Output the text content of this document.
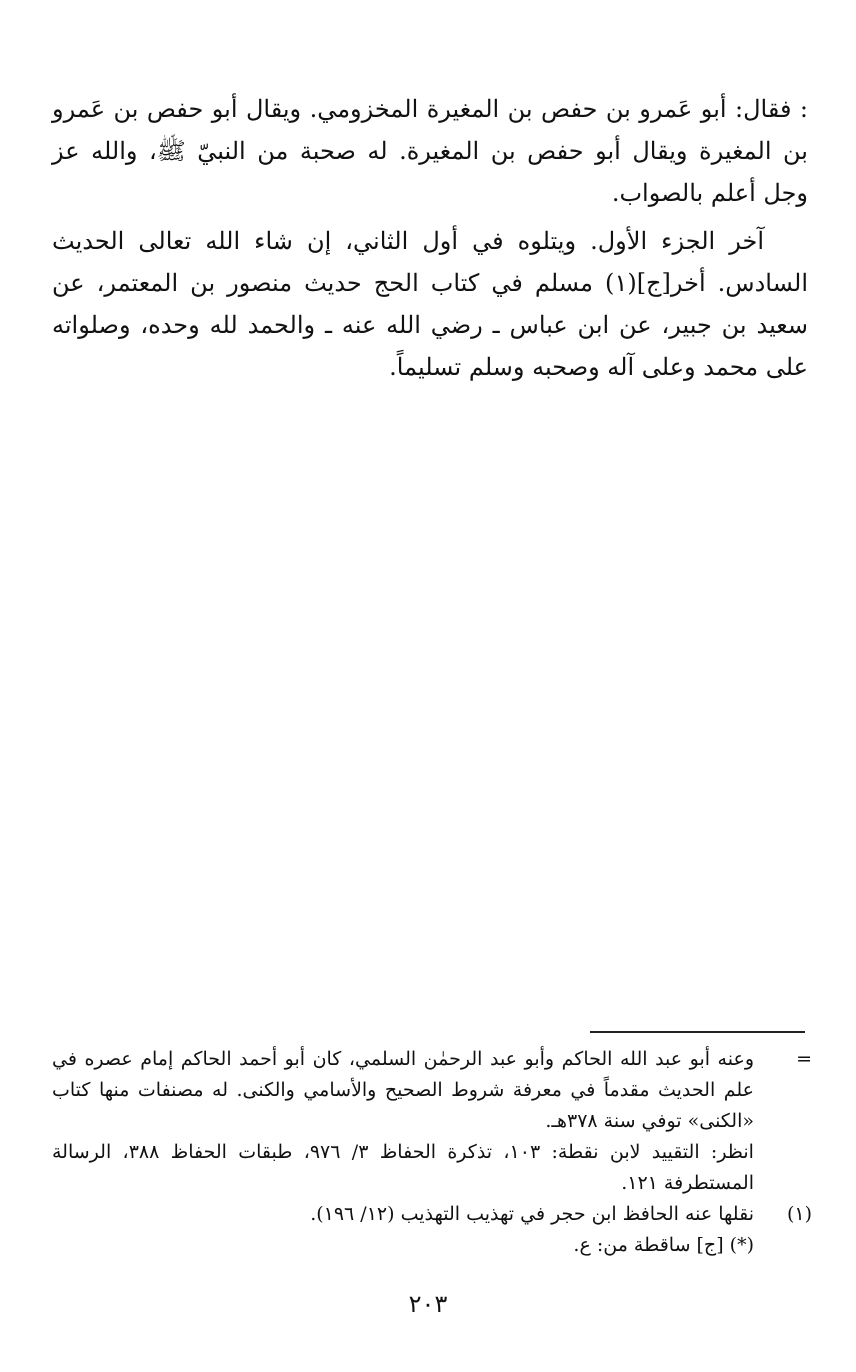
: فقال: أبو عَمرو بن حفص بن المغيرة المخزومي. ويقال أبو حفص بن عَمرو بن المغيرة ويقال أبو حفص بن المغيرة. له صحبة من النبيّ ﷺ، والله عز وجل أعلم بالصواب.

آخر الجزء الأول. ويتلوه في أول الثاني، إن شاء الله تعالى الحديث السادس. أخر[ج](١) مسلم في كتاب الحج حديث منصور بن المعتمر، عن سعيد بن جبير، عن ابن عباس ـ رضي الله عنه ـ والحمد لله وحده، وصلواته على محمد وعلى آله وصحبه وسلم تسليماً.

=
وعنه أبو عبد الله الحاكم وأبو عبد الرحمٰن السلمي، كان أبو أحمد الحاكم إمام عصره في علم الحديث مقدماً في معرفة شروط الصحيح والأسامي والكنى. له مصنفات منها كتاب «الكنى» توفي سنة ٣٧٨هـ.
انظر: التقييد لابن نقطة: ١٠٣، تذكرة الحفاظ ٣/ ٩٧٦، طبقات الحفاظ ٣٨٨، الرسالة المستطرفة ١٢١.
(١)
نقلها عنه الحافظ ابن حجر في تهذيب التهذيب (١٢/ ١٩٦).
(*) [ج] ساقطة من: ع.
٢٠٣
